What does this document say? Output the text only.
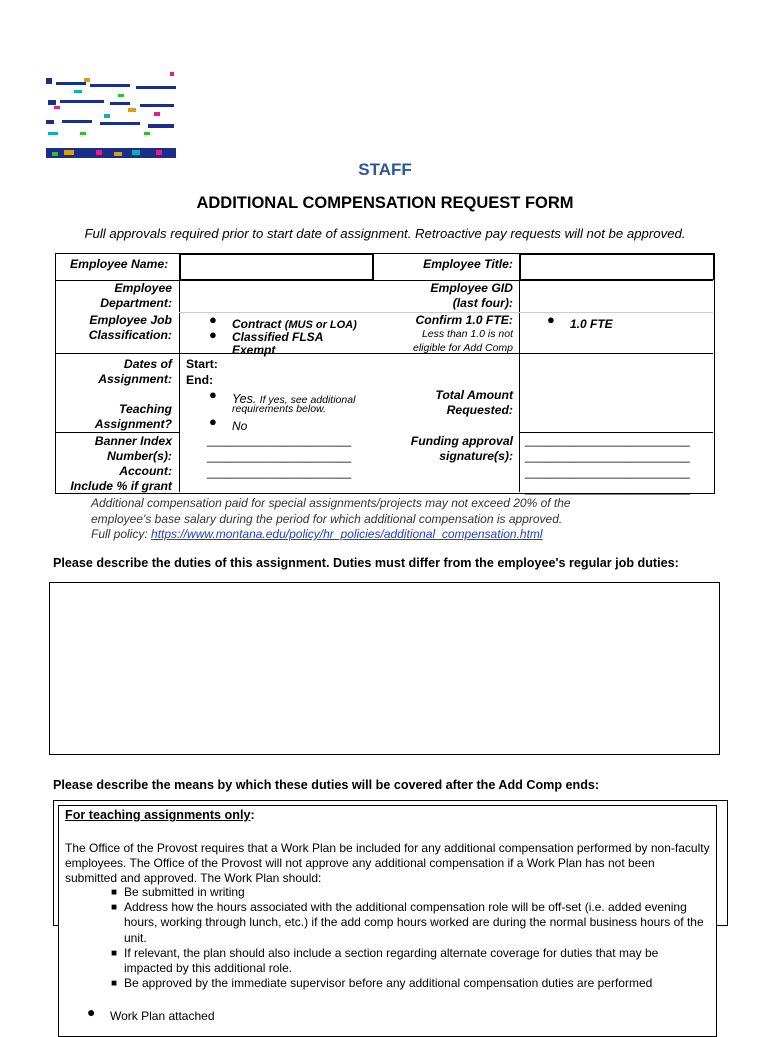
STAFF
ADDITIONAL COMPENSATION REQUEST FORM
Full approvals required prior to start date of assignment. Retroactive pay requests will not be approved.
Employee Name:	Employee Title:
Employee
Department:
Employee GID
(last four):
Employee Job
Classification:
● Contract (MUS or LOA)
● Classified FLSA
Exempt
Confirm 1.0 FTE:
Less than 1.0 is not
eligible for Add Comp
● 1.0 FTE
Dates of
Assignment:
Start:
End:
Teaching
Assignment?
● Yes. If yes, see additional
requirements below.
● No
Total Amount
Requested:
Banner Index
Number(s):
Account:
Include % if grant
_____________________
_____________________
_____________________
Funding approval
signature(s):
________________________
________________________
________________________
________________________
Additional compensation paid for special assignments/projects may not exceed 20% of the
employee's base salary during the period for which additional compensation is approved.
Full policy: https://www.montana.edu/policy/hr_policies/additional_compensation.html
Please describe the duties of this assignment. Duties must differ from the employee's regular job duties:
Please describe the means by which these duties will be covered after the Add Comp ends:
For teaching assignments only:
The Office of the Provost requires that a Work Plan be included for any additional compensation performed by non-faculty employees. The Office of the Provost will not approve any additional compensation if a Work Plan has not been submitted and approved. The Work Plan should:
■ Be submitted in writing
■ Address how the hours associated with the additional compensation role will be off-set (i.e. added evening hours, working through lunch, etc.) if the add comp hours worked are during the normal business hours of the unit.
■ If relevant, the plan should also include a section regarding alternate coverage for duties that may be impacted by this additional role.
■ Be approved by the immediate supervisor before any additional compensation duties are performed
● Work Plan attached
